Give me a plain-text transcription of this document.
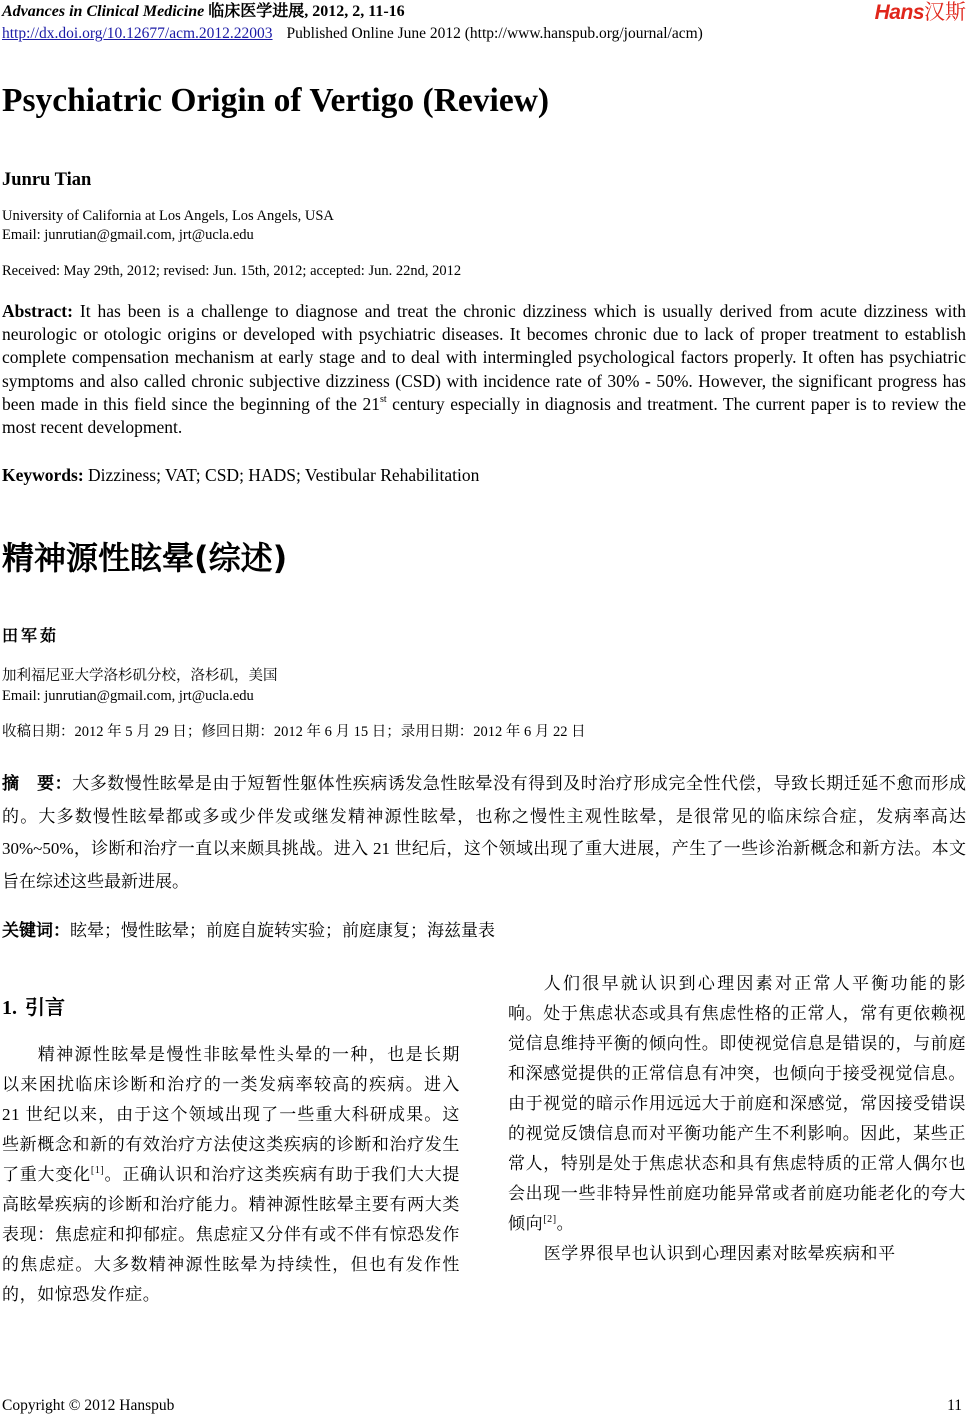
Advances in Clinical Medicine 临床医学进展, 2012, 2, 11-16
http://dx.doi.org/10.12677/acm.2012.22003 Published Online June 2012 (http://www.hanspub.org/journal/acm)
Hans汉斯
Psychiatric Origin of Vertigo (Review)
Junru Tian
University of California at Los Angels, Los Angels, USA
Email: junrutian@gmail.com, jrt@ucla.edu
Received: May 29th, 2012; revised: Jun. 15th, 2012; accepted: Jun. 22nd, 2012
Abstract: It has been is a challenge to diagnose and treat the chronic dizziness which is usually derived from acute dizziness with neurologic or otologic origins or developed with psychiatric diseases. It becomes chronic due to lack of proper treatment to establish complete compensation mechanism at early stage and to deal with intermingled psychological factors properly. It often has psychiatric symptoms and also called chronic subjective dizziness (CSD) with incidence rate of 30% - 50%. However, the significant progress has been made in this field since the beginning of the 21st century especially in diagnosis and treatment. The current paper is to review the most recent development.
Keywords: Dizziness; VAT; CSD; HADS; Vestibular Rehabilitation
精神源性眩晕(综述)
田军茹
加利福尼亚大学洛杉矶分校，洛杉矶，美国
Email: junrutian@gmail.com, jrt@ucla.edu
收稿日期：2012 年 5 月 29 日；修回日期：2012 年 6 月 15 日；录用日期：2012 年 6 月 22 日
摘　要：大多数慢性眩晕是由于短暂性躯体性疾病诱发急性眩晕没有得到及时治疗形成完全性代偿，导致长期迁延不愈而形成的。大多数慢性眩晕都或多或少伴发或继发精神源性眩晕，也称之慢性主观性眩晕，是很常见的临床综合症，发病率高达 30%~50%，诊断和治疗一直以来颇具挑战。进入 21 世纪后，这个领域出现了重大进展，产生了一些诊治新概念和新方法。本文旨在综述这些最新进展。
关键词：眩晕；慢性眩晕；前庭自旋转实验；前庭康复；海兹量表
1. 引言

精神源性眩晕是慢性非眩晕性头晕的一种，也是长期以来困扰临床诊断和治疗的一类发病率较高的疾病。进入 21 世纪以来，由于这个领域出现了一些重大科研成果。这些新概念和新的有效治疗方法使这类疾病的诊断和治疗发生了重大变化[1]。正确认识和治疗这类疾病有助于我们大大提高眩晕疾病的诊断和治疗能力。精神源性眩晕主要有两大类表现：焦虑症和抑郁症。焦虑症又分伴有或不伴有惊恐发作的焦虑症。大多数精神源性眩晕为持续性，但也有发作性的，如惊恐发作症。

人们很早就认识到心理因素对正常人平衡功能的影响。处于焦虑状态或具有焦虑性格的正常人，常有更依赖视觉信息维持平衡的倾向性。即使视觉信息是错误的，与前庭和深感觉提供的正常信息有冲突，也倾向于接受视觉信息。由于视觉的暗示作用远远大于前庭和深感觉，常因接受错误的视觉反馈信息而对平衡功能产生不利影响。因此，某些正常人，特别是处于焦虑状态和具有焦虑特质的正常人偶尔也会出现一些非特异性前庭功能异常或者前庭功能老化的夸大倾向[2]。

医学界很早也认识到心理因素对眩晕疾病和平

Copyright © 2012 Hanspub	11
